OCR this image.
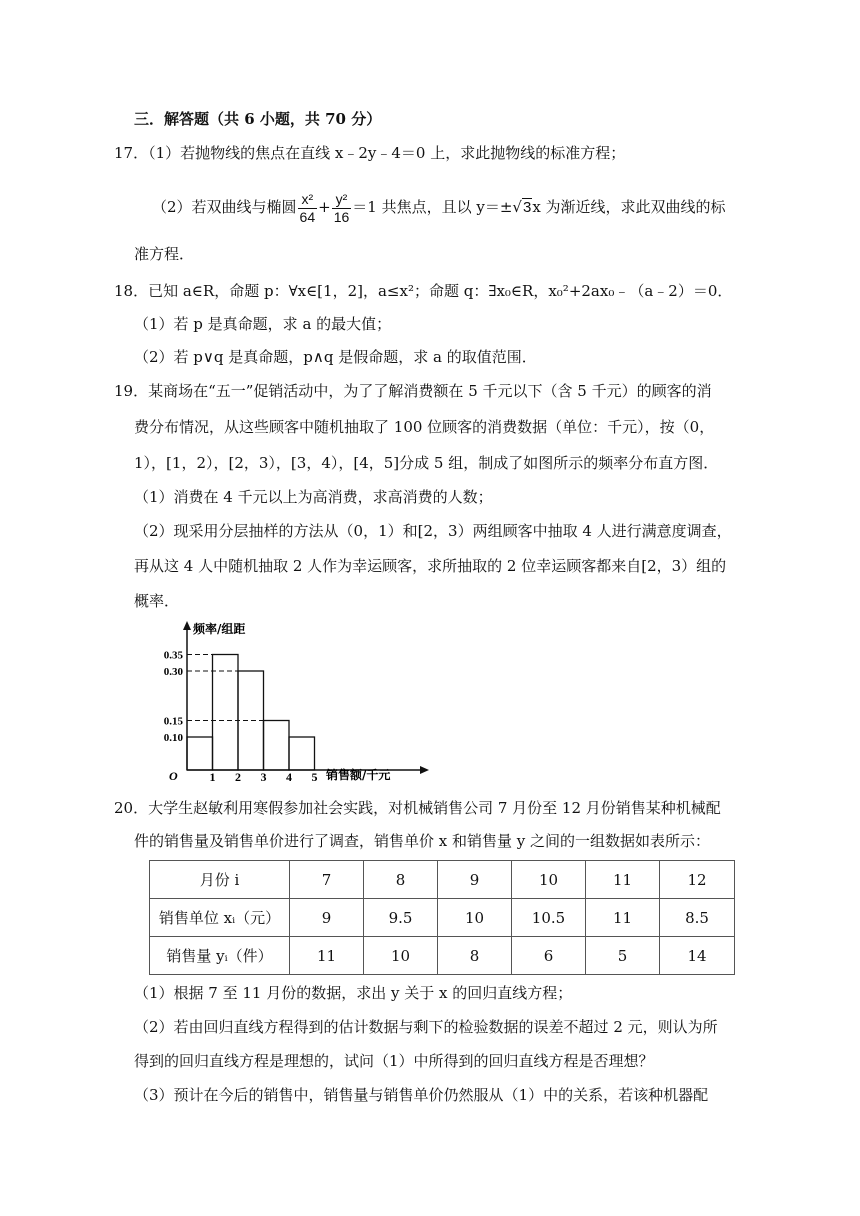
三．解答题（共 6 小题，共 70 分）
17．（1）若抛物线的焦点在直线 x﹣2y﹣4＝0 上，求此抛物线的标准方程；
（2）若双曲线与椭圆 $\frac{\text{x²}}{64} + \frac{\text{y²}}{16} =1$ 共焦点，且以 y＝±√3x 为渐近线，求此双曲线的标
准方程．
18．已知 a∈R，命题 p：∀x∈[1，2]，a≤x²；命题 q：∃x₀∈R，x₀²+2ax₀﹣（a﹣2）＝0．
（1）若 p 是真命题，求 a 的最大值；
（2）若 p∨q 是真命题，p∧q 是假命题，求 a 的取值范围．
19．某商场在“五一”促销活动中，为了了解消费额在 5 千元以下（含 5 千元）的顾客的消
费分布情况，从这些顾客中随机抽取了 100 位顾客的消费数据（单位：千元），按（0，
1），[1，2），[2，3），[3，4），[4，5]分成 5 组，制成了如图所示的频率分布直方图．
（1）消费在 4 千元以上为高消费，求高消费的人数；
（2）现采用分层抽样的方法从（0，1）和[2，3）两组顾客中抽取 4 人进行满意度调查，
再从这 4 人中随机抽取 2 人作为幸运顾客，求所抽取的 2 位幸运顾客都来自[2，3）组的
概率．
频率/组距
销售额/千元
O
0.35
0.30
0.15
0.10
1 2 3 4 5
20．大学生赵敏利用寒假参加社会实践，对机械销售公司 7 月份至 12 月份销售某种机械配
件的销售量及销售单价进行了调查，销售单价 x 和销售量 y 之间的一组数据如表所示：
月份 i	7	8	9	10	11	12
销售单位 xᵢ（元）	9	9.5	10	10.5	11	8.5
销售量 yᵢ（件）	11	10	8	6	5	14
（1）根据 7 至 11 月份的数据，求出 y 关于 x 的回归直线方程；
（2）若由回归直线方程得到的估计数据与剩下的检验数据的误差不超过 2 元，则认为所
得到的回归直线方程是理想的，试问（1）中所得到的回归直线方程是否理想？
（3）预计在今后的销售中，销售量与销售单价仍然服从（1）中的关系，若该种机器配
